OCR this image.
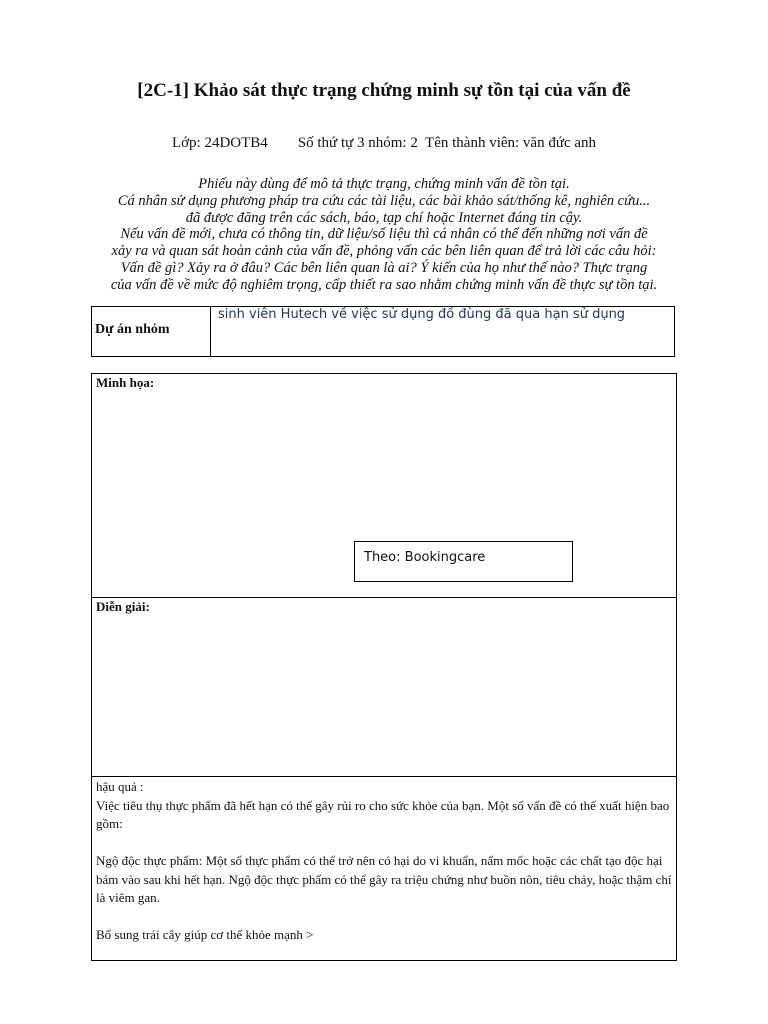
[2C-1] Khảo sát thực trạng chứng minh sự tồn tại của vấn đề
Lớp: 24DOTB4        Số thứ tự 3 nhóm: 2  Tên thành viên: văn đức anh
Phiếu này dùng để mô tả thực trạng, chứng minh vấn đề tồn tại.
Cá nhân sử dụng phương pháp tra cứu các tài liệu, các bài khảo sát/thống kê, nghiên cứu...
đã được đăng trên các sách, báo, tạp chí hoặc Internet đáng tin cậy.
Nếu vấn đề mới, chưa có thông tin, dữ liệu/số liệu thì cá nhân có thể đến những nơi vấn đề
xảy ra và quan sát hoàn cảnh của vấn đề, phỏng vấn các bên liên quan để trả lời các câu hỏi:
Vấn đề gì? Xảy ra ở đâu? Các bên liên quan là ai? Ý kiến của họ như thế nào? Thực trạng
của vấn đề về mức độ nghiêm trọng, cấp thiết ra sao nhằm chứng minh vấn đề thực sự tồn tại.
Dự án nhóm
sinh viên Hutech về việc sử dụng đồ đùng đã qua hạn sử dụng
Minh họa:
Theo: Bookingcare
Diễn giải:

hậu quả :

Việc tiêu thụ thực phẩm đã hết hạn có thể gây rủi ro cho sức khỏe của bạn. Một số vấn đề có thể xuất hiện bao gồm:

Ngộ độc thực phẩm: Một số thực phẩm có thể trở nên có hại do vi khuẩn, nấm mốc hoặc các chất tạo độc hại bám vào sau khi hết hạn. Ngộ độc thực phẩm có thể gây ra triệu chứng như buồn nôn, tiêu chảy, hoặc thậm chí là viêm gan.

Bổ sung trái cây giúp cơ thể khỏe mạnh >
